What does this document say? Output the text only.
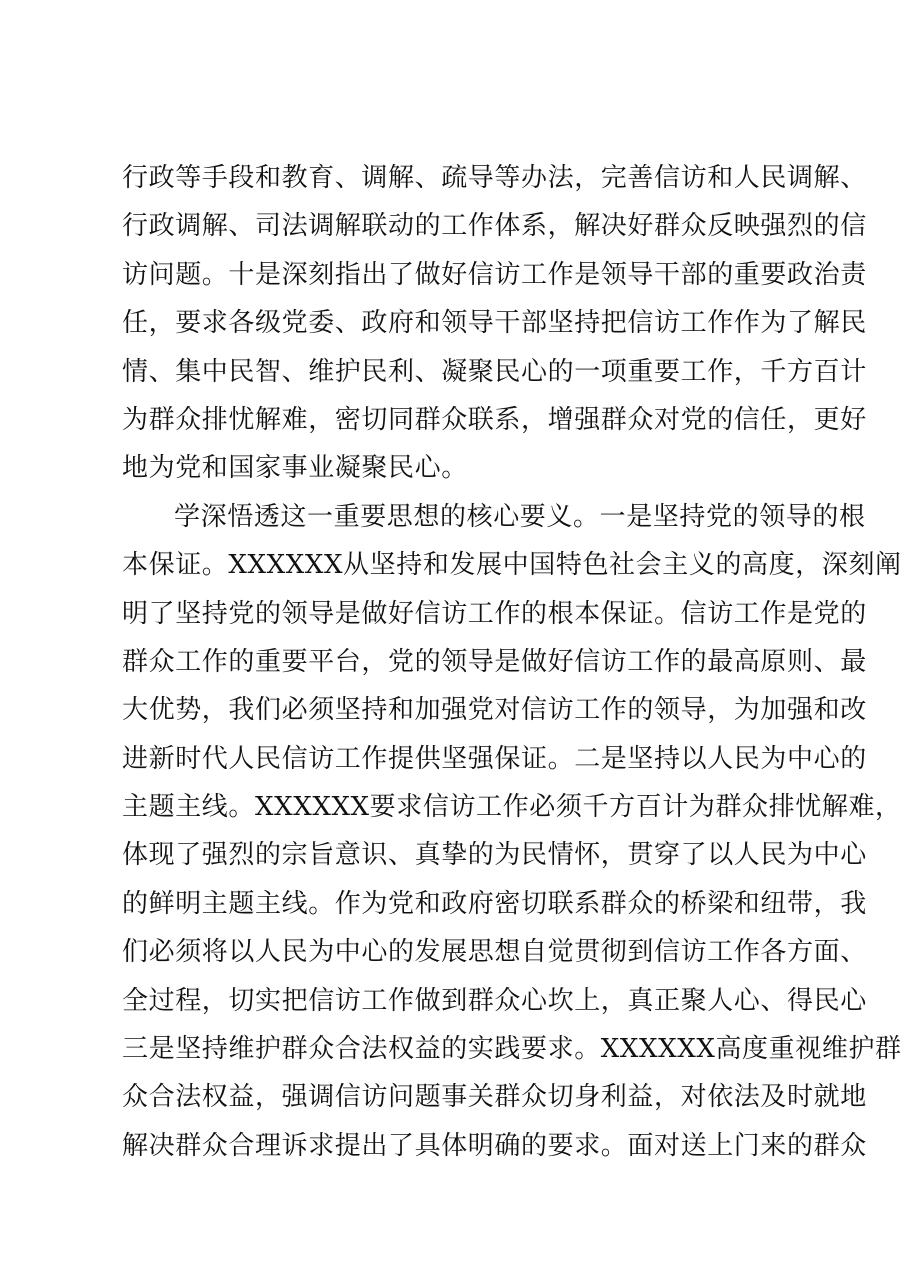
行政等手段和教育、调解、疏导等办法，完善信访和人民调解、
行政调解、司法调解联动的工作体系，解决好群众反映强烈的信
访问题。十是深刻指出了做好信访工作是领导干部的重要政治责
任，要求各级党委、政府和领导干部坚持把信访工作作为了解民
情、集中民智、维护民利、凝聚民心的一项重要工作，千方百计
为群众排忧解难，密切同群众联系，增强群众对党的信任，更好
地为党和国家事业凝聚民心。
学深悟透这一重要思想的核心要义。一是坚持党的领导的根
本保证。XXXXXX从坚持和发展中国特色社会主义的高度，深刻阐
明了坚持党的领导是做好信访工作的根本保证。信访工作是党的
群众工作的重要平台，党的领导是做好信访工作的最高原则、最
大优势，我们必须坚持和加强党对信访工作的领导，为加强和改
进新时代人民信访工作提供坚强保证。二是坚持以人民为中心的
主题主线。XXXXXX要求信访工作必须千方百计为群众排忧解难，
体现了强烈的宗旨意识、真挚的为民情怀，贯穿了以人民为中心
的鲜明主题主线。作为党和政府密切联系群众的桥梁和纽带，我
们必须将以人民为中心的发展思想自觉贯彻到信访工作各方面、
全过程，切实把信访工作做到群众心坎上，真正聚人心、得民心
三是坚持维护群众合法权益的实践要求。XXXXXX高度重视维护群
众合法权益，强调信访问题事关群众切身利益，对依法及时就地
解决群众合理诉求提出了具体明确的要求。面对送上门来的群众
